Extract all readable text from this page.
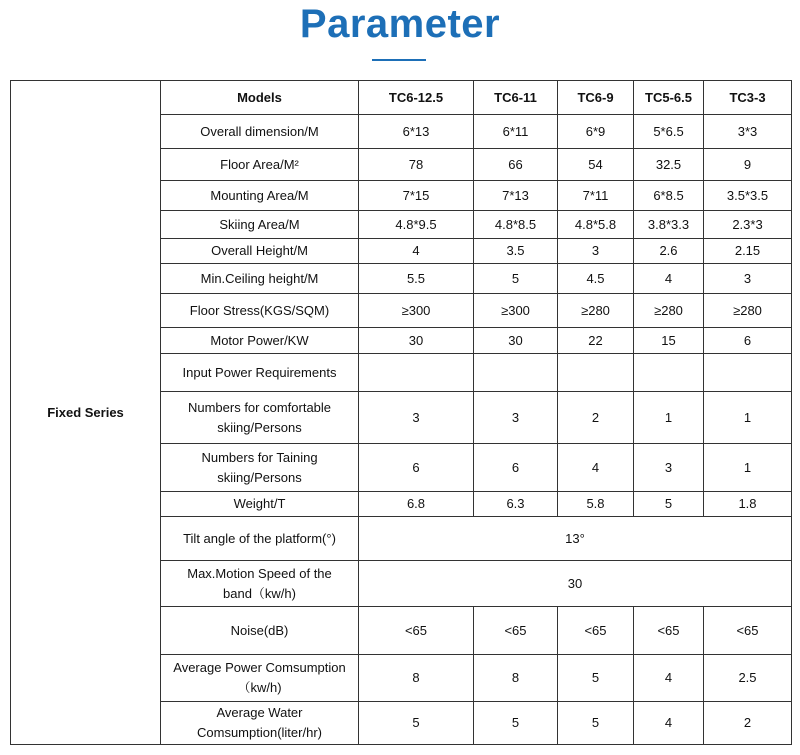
Parameter
Fixed Series	Models	TC6-12.5	TC6-11	TC6-9	TC5-6.5	TC3-3
	Overall dimension/M	6*13	6*11	6*9	5*6.5	3*3
	Floor Area/M²	78	66	54	32.5	9
	Mounting Area/M	7*15	7*13	7*11	6*8.5	3.5*3.5
	Skiing Area/M	4.8*9.5	4.8*8.5	4.8*5.8	3.8*3.3	2.3*3
	Overall Height/M	4	3.5	3	2.6	2.15
	Min.Ceiling height/M	5.5	5	4.5	4	3
	Floor Stress(KGS/SQM)	≥300	≥300	≥280	≥280	≥280
	Motor Power/KW	30	30	22	15	6
	Input Power Requirements					
	Numbers for comfortable
skiing/Persons	3	3	2	1	1
	Numbers for Taining
skiing/Persons	6	6	4	3	1
	Weight/T	6.8	6.3	5.8	5	1.8
	Tilt angle of the platform(°)	13°				
	Max.Motion Speed of the
band（kw/h)	30				
	Noise(dB)	<65	<65	<65	<65	<65
	Average Power Comsumption
（kw/h)	8	8	5	4	2.5
	Average Water
Comsumption(liter/hr)	5	5	5	4	2
